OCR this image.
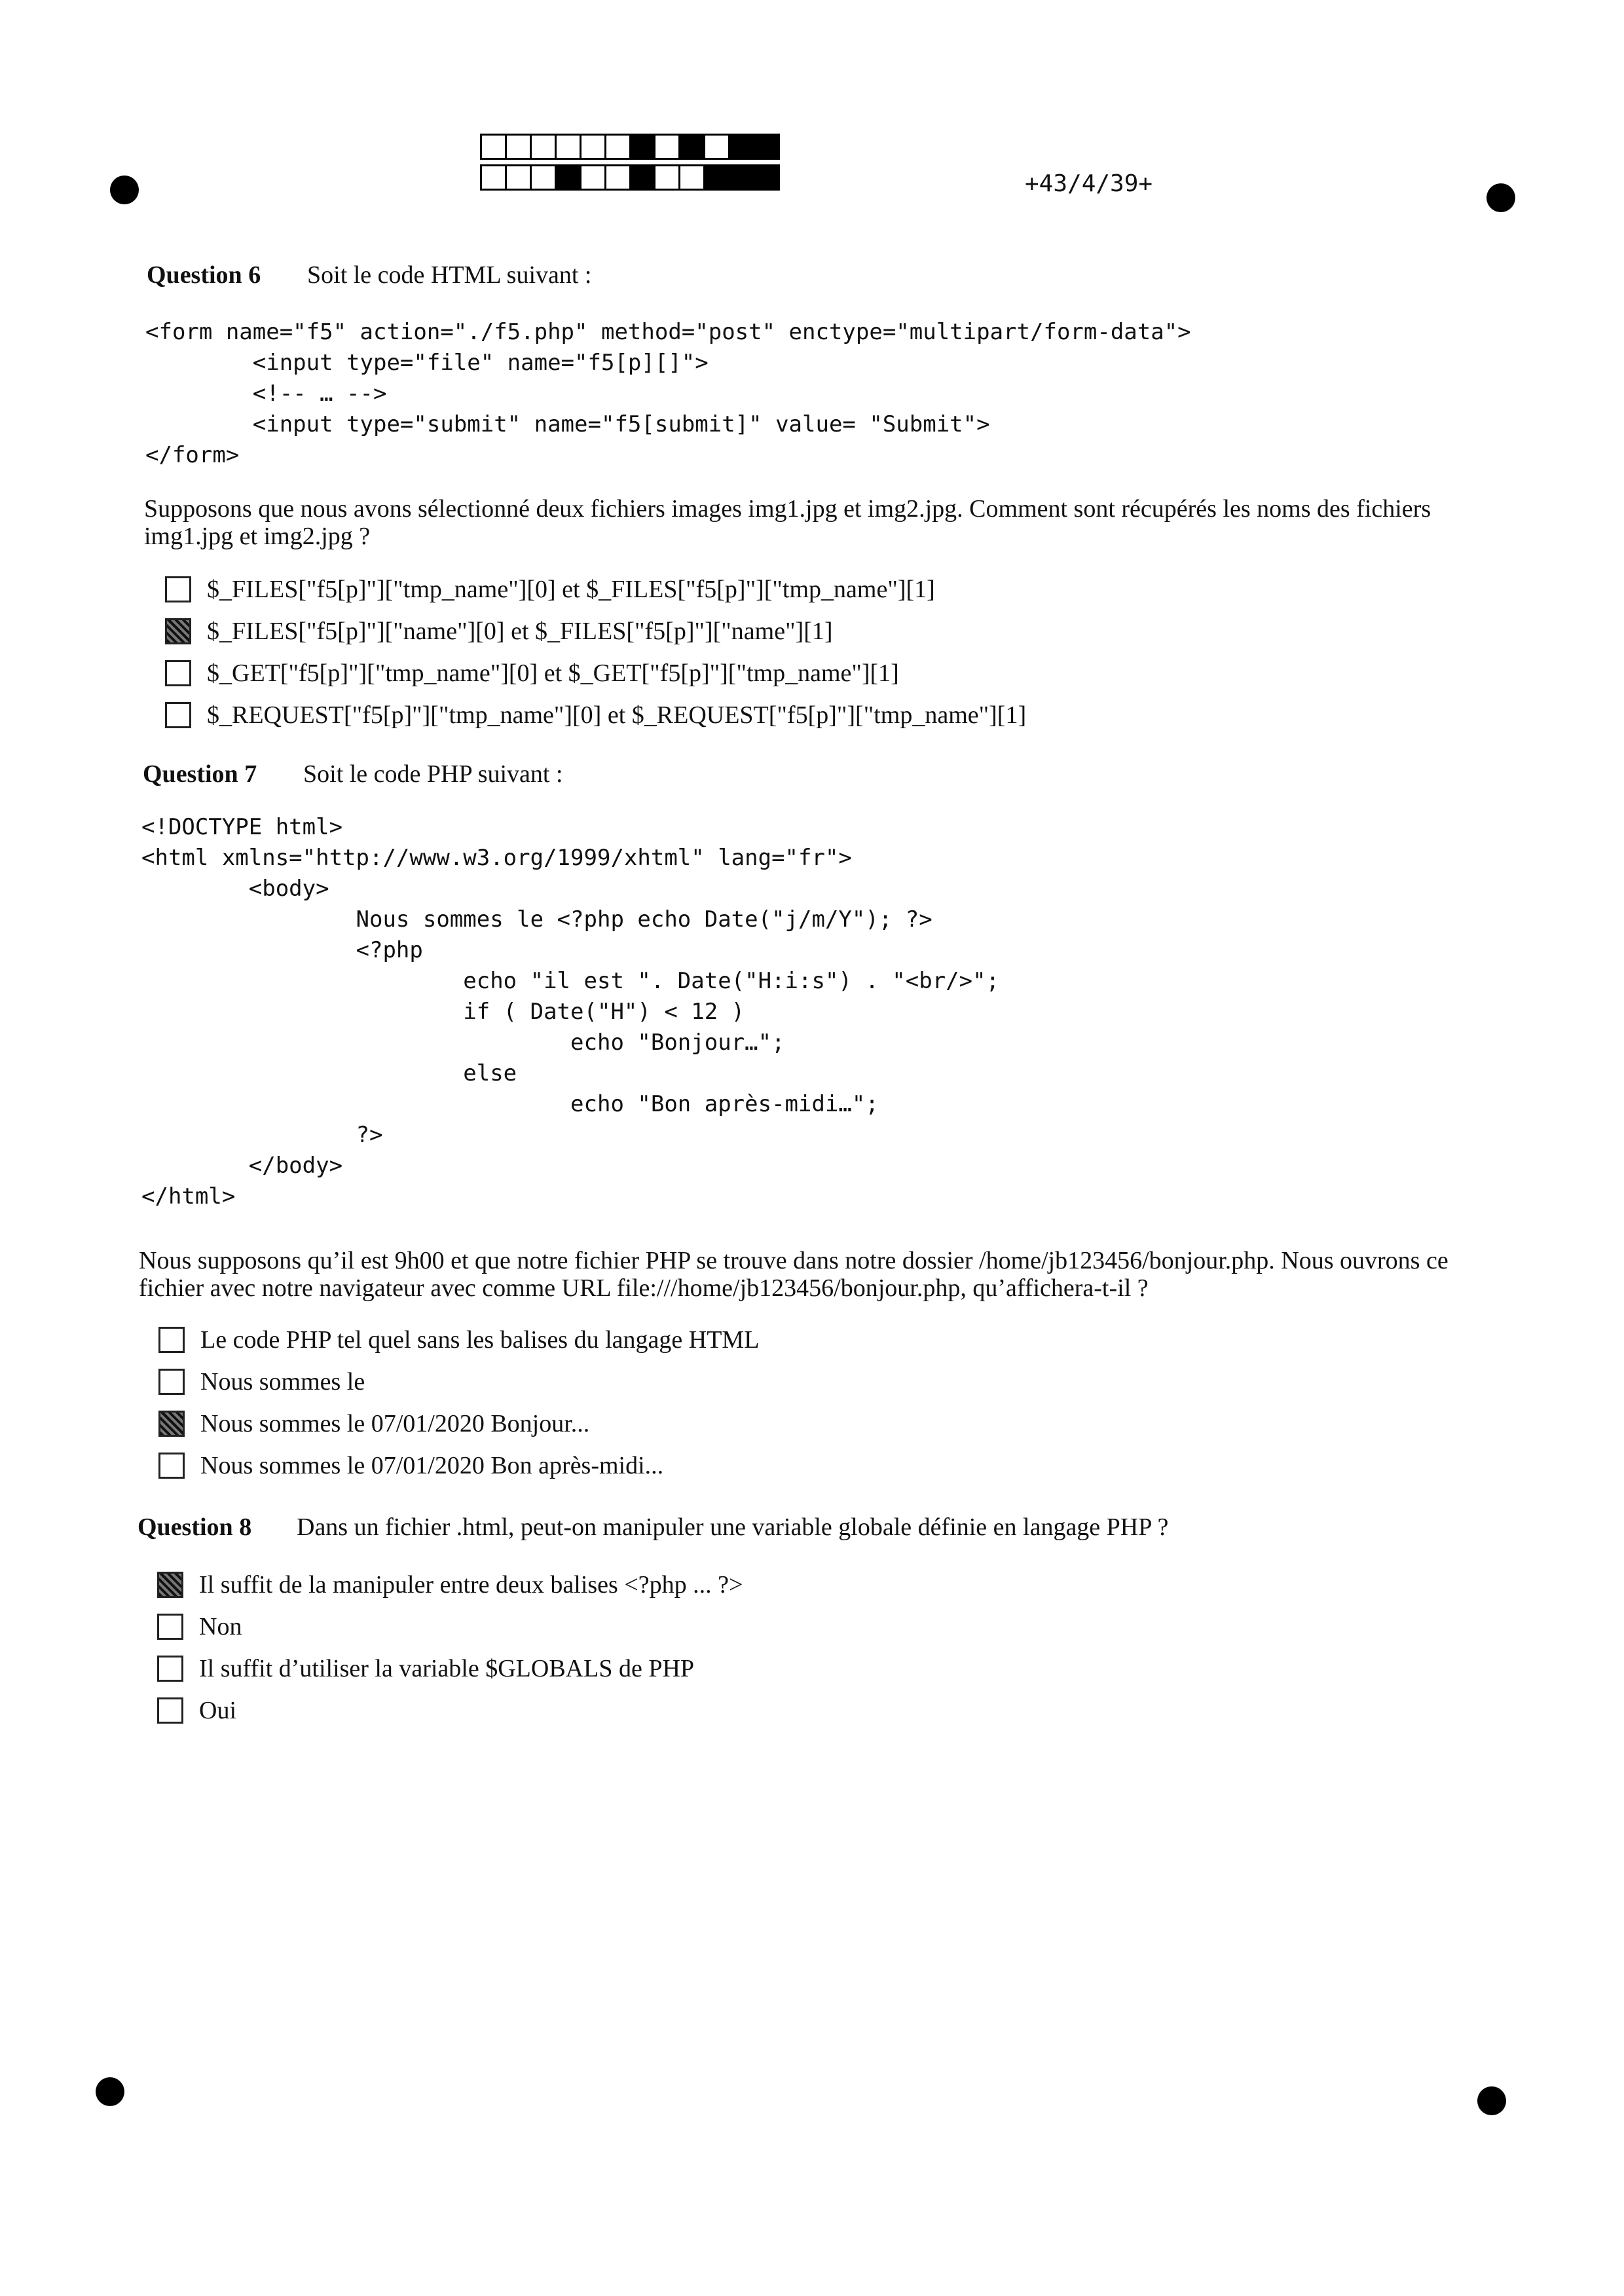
+43/4/39+
Question 6 Soit le code HTML suivant :
<form name="f5" action="./f5.php" method="post" enctype="multipart/form-data">
<input type="file" name="f5[p][]">
<!-- … -->
<input type="submit" name="f5[submit]" value= "Submit">
</form>
Supposons que nous avons sélectionné deux fichiers images img1.jpg et img2.jpg. Comment sont récupérés les noms des fichiers img1.jpg et img2.jpg ?
$_FILES["f5[p]"]["tmp_name"][0] et $_FILES["f5[p]"]["tmp_name"][1]
$_FILES["f5[p]"]["name"][0] et $_FILES["f5[p]"]["name"][1]
$_GET["f5[p]"]["tmp_name"][0] et $_GET["f5[p]"]["tmp_name"][1]
$_REQUEST["f5[p]"]["tmp_name"][0] et $_REQUEST["f5[p]"]["tmp_name"][1]
Question 7 Soit le code PHP suivant :
<!DOCTYPE html>
<html xmlns="http://www.w3.org/1999/xhtml" lang="fr">
<body>
Nous sommes le <?php echo Date("j/m/Y"); ?>
<?php
echo "il est ". Date("H:i:s") . "<br/>";
if ( Date("H") < 12 )
echo "Bonjour…";
else
echo "Bon après-midi…";
?>
</body>
</html>
Nous supposons qu’il est 9h00 et que notre fichier PHP se trouve dans notre dossier /home/jb123456/bonjour.php. Nous ouvrons ce fichier avec notre navigateur avec comme URL file:///home/jb123456/bonjour.php, qu’affichera-t-il ?
Le code PHP tel quel sans les balises du langage HTML
Nous sommes le
Nous sommes le 07/01/2020 Bonjour...
Nous sommes le 07/01/2020 Bon après-midi...
Question 8 Dans un fichier .html, peut-on manipuler une variable globale définie en langage PHP ?
Il suffit de la manipuler entre deux balises <?php ... ?>
Non
Il suffit d’utiliser la variable $GLOBALS de PHP
Oui
